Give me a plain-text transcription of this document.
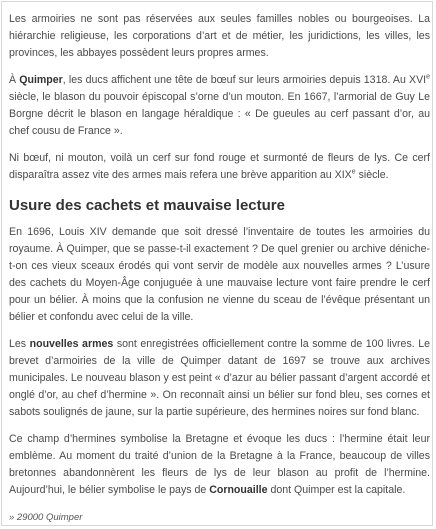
Les armoiries ne sont pas réservées aux seules familles nobles ou bourgeoises. La hiérarchie religieuse, les corporations d’art et de métier, les juridictions, les villes, les provinces, les abbayes possèdent leurs propres armes.

À Quimper, les ducs affichent une tête de bœuf sur leurs armoiries depuis 1318. Au XVIe siècle, le blason du pouvoir épiscopal s’orne d’un mouton. En 1667, l’armorial de Guy Le Borgne décrit le blason en langage héraldique : « De gueules au cerf passant d’or, au chef cousu de France ».

Ni bœuf, ni mouton, voilà un cerf sur fond rouge et surmonté de fleurs de lys. Ce cerf disparaîtra assez vite des armes mais refera une brève apparition au XIXe siècle.

Usure des cachets et mauvaise lecture

En 1696, Louis XIV demande que soit dressé l’inventaire de toutes les armoiries du royaume. À Quimper, que se passe-t-il exactement ? De quel grenier ou archive déniche-t-on ces vieux sceaux érodés qui vont servir de modèle aux nouvelles armes ? L’usure des cachets du Moyen-Âge conjuguée à une mauvaise lecture vont faire prendre le cerf pour un bélier. À moins que la confusion ne vienne du sceau de l’évêque présentant un bélier et confondu avec celui de la ville.

Les nouvelles armes sont enregistrées officiellement contre la somme de 100 livres. Le brevet d’armoiries de la ville de Quimper datant de 1697 se trouve aux archives municipales. Le nouveau blason y est peint « d’azur au bélier passant d’argent accordé et onglé d’or, au chef d’hermine ». On reconnaît ainsi un bélier sur fond bleu, ses cornes et sabots soulignés de jaune, sur la partie supérieure, des hermines noires sur fond blanc.

Ce champ d’hermines symbolise la Bretagne et évoque les ducs : l’hermine était leur emblème. Au moment du traité d’union de la Bretagne à la France, beaucoup de villes bretonnes abandonnèrent les fleurs de lys de leur blason au profit de l’hermine. Aujourd’hui, le bélier symbolise le pays de Cornouaille dont Quimper est la capitale.

» 29000 Quimper
